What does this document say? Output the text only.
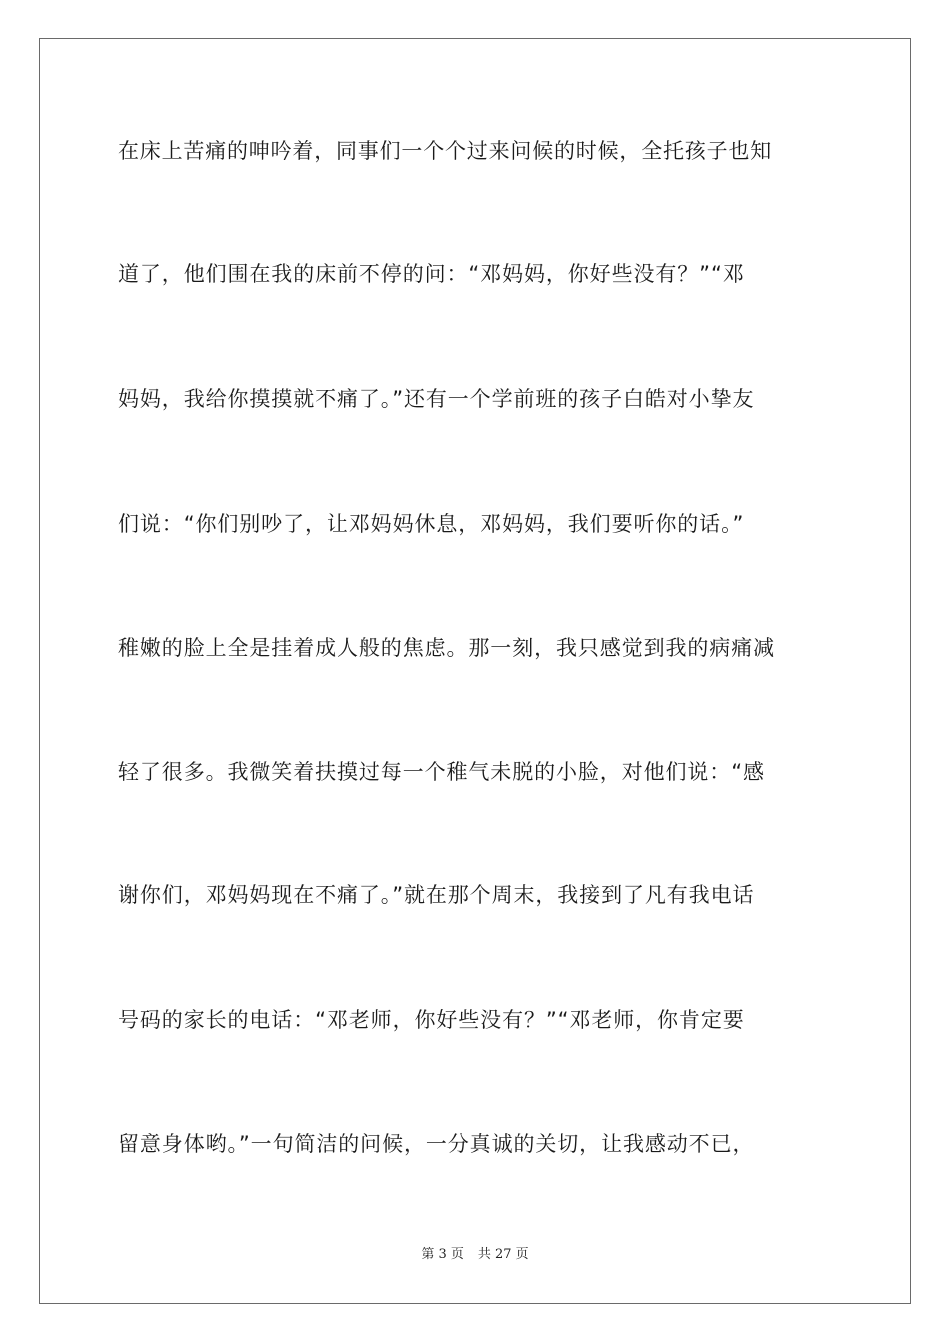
在床上苦痛的呻吟着，同事们一个个过来问候的时候，全托孩子也知
道了，他们围在我的床前不停的问：“邓妈妈，你好些没有？”“邓
妈妈，我给你摸摸就不痛了。”还有一个学前班的孩子白皓对小挚友
们说：“你们别吵了，让邓妈妈休息，邓妈妈，我们要听你的话。”
稚嫩的脸上全是挂着成人般的焦虑。那一刻，我只感觉到我的病痛减
轻了很多。我微笑着扶摸过每一个稚气未脱的小脸，对他们说：“感
谢你们，邓妈妈现在不痛了。”就在那个周末，我接到了凡有我电话
号码的家长的电话：“邓老师，你好些没有？”“邓老师，你肯定要
留意身体哟。”一句简洁的问候，一分真诚的关切，让我感动不已，
第 3 页 共 27 页
